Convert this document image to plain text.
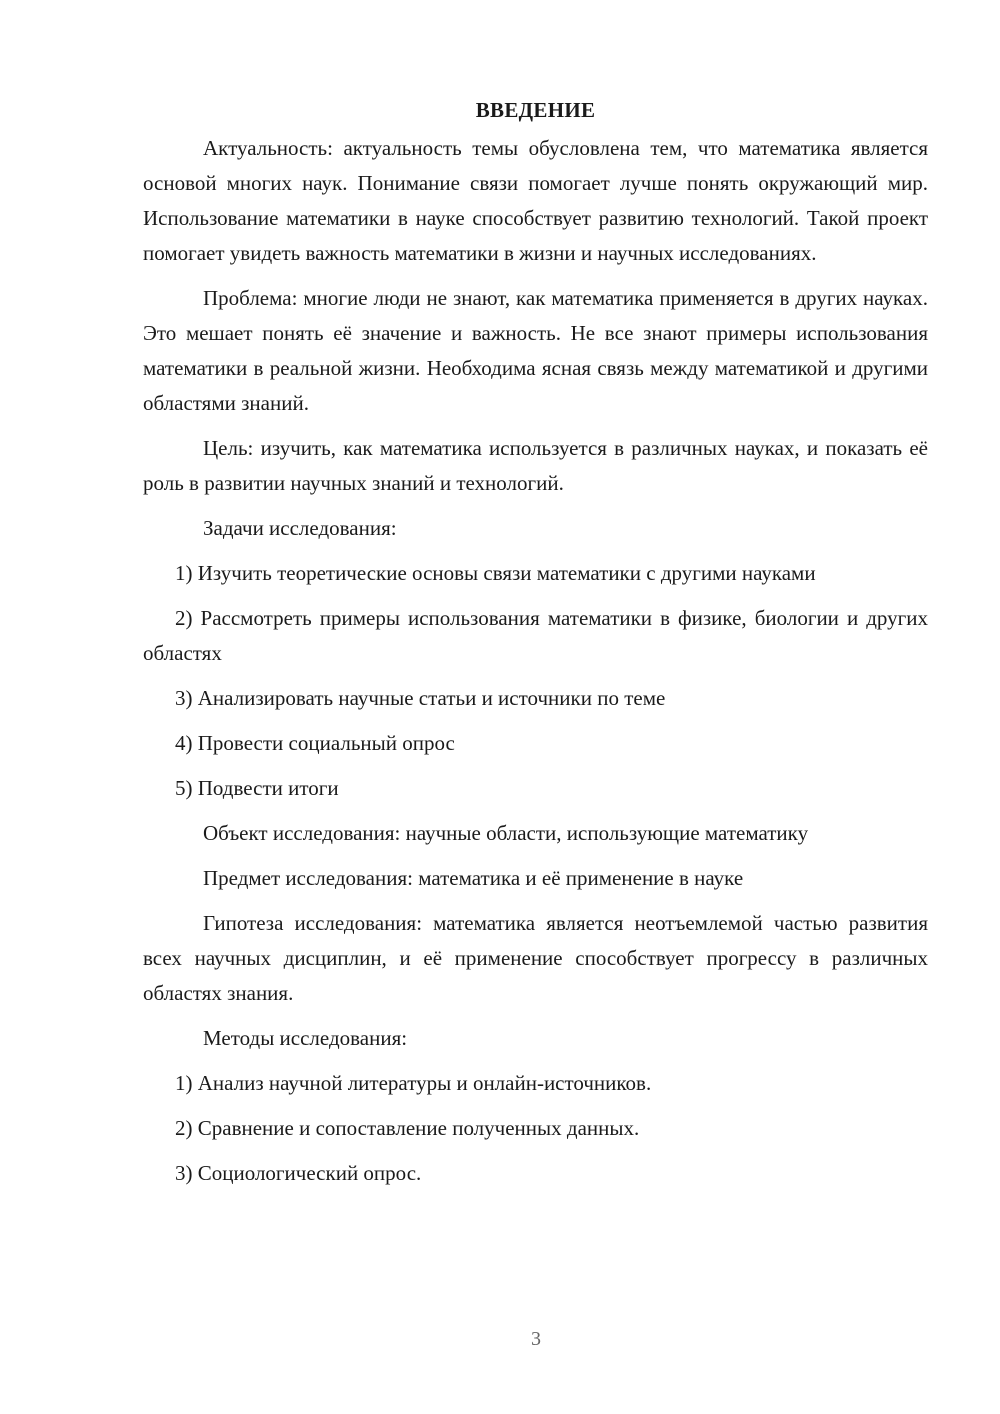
ВВЕДЕНИЕ

Актуальность: актуальность темы обусловлена тем, что математика является основой многих наук. Понимание связи помогает лучше понять окружающий мир. Использование математики в науке способствует развитию технологий. Такой проект помогает увидеть важность математики в жизни и научных исследованиях.

Проблема: многие люди не знают, как математика применяется в других науках. Это мешает понять её значение и важность. Не все знают примеры использования математики в реальной жизни. Необходима ясная связь между математикой и другими областями знаний.

Цель: изучить, как математика используется в различных науках, и показать её роль в развитии научных знаний и технологий.

Задачи исследования:

1) Изучить теоретические основы связи математики с другими науками

2) Рассмотреть примеры использования математики в физике, биологии и других областях

3) Анализировать научные статьи и источники по теме

4) Провести социальный опрос

5) Подвести итоги

Объект исследования: научные области, использующие математику

Предмет исследования: математика и её применение в науке

Гипотеза исследования: математика является неотъемлемой частью развития всех научных дисциплин, и её применение способствует прогрессу в различных областях знания.

Методы исследования:

1) Анализ научной литературы и онлайн-источников.

2) Сравнение и сопоставление полученных данных.

3) Социологический опрос.

3
